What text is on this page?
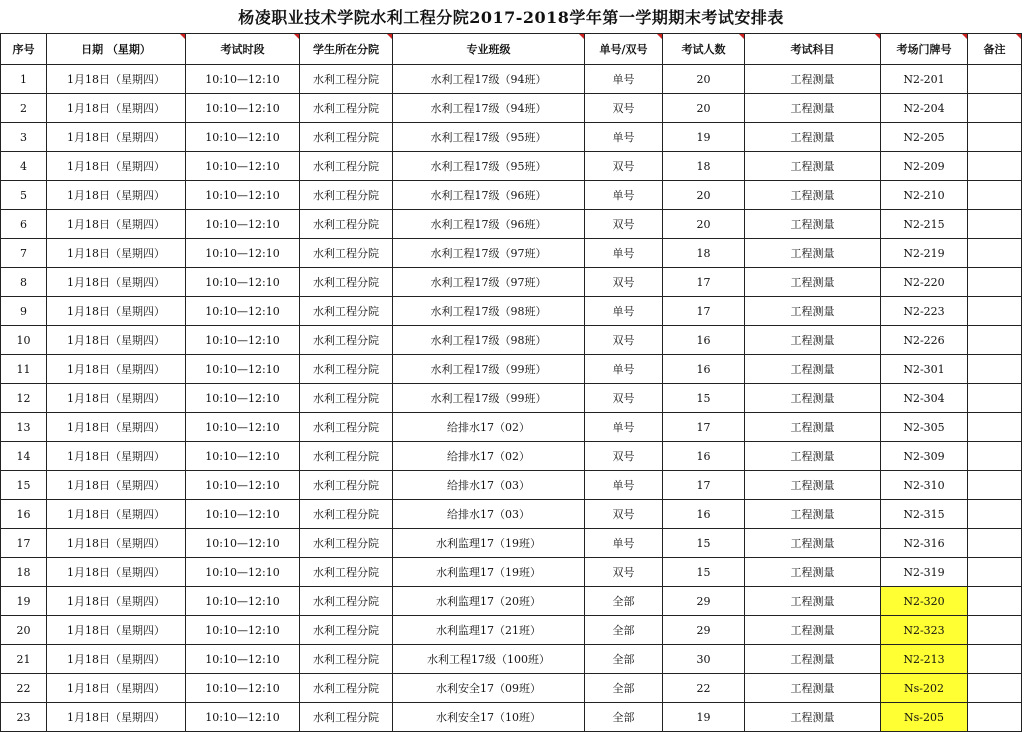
杨凌职业技术学院水利工程分院2017-2018学年第一学期期末考试安排表									
序号	日期 （星期）	考试时段	学生所在分院	专业班级	单号/双号	考试人数	考试科目	考场门牌号	备注
1	1月18日（星期四）	10:10—12:10	水利工程分院	水利工程17级（94班）	单号	20	工程测量	N2-201	
2	1月18日（星期四）	10:10—12:10	水利工程分院	水利工程17级（94班）	双号	20	工程测量	N2-204	
3	1月18日（星期四）	10:10—12:10	水利工程分院	水利工程17级（95班）	单号	19	工程测量	N2-205	
4	1月18日（星期四）	10:10—12:10	水利工程分院	水利工程17级（95班）	双号	18	工程测量	N2-209	
5	1月18日（星期四）	10:10—12:10	水利工程分院	水利工程17级（96班）	单号	20	工程测量	N2-210	
6	1月18日（星期四）	10:10—12:10	水利工程分院	水利工程17级（96班）	双号	20	工程测量	N2-215	
7	1月18日（星期四）	10:10—12:10	水利工程分院	水利工程17级（97班）	单号	18	工程测量	N2-219	
8	1月18日（星期四）	10:10—12:10	水利工程分院	水利工程17级（97班）	双号	17	工程测量	N2-220	
9	1月18日（星期四）	10:10—12:10	水利工程分院	水利工程17级（98班）	单号	17	工程测量	N2-223	
10	1月18日（星期四）	10:10—12:10	水利工程分院	水利工程17级（98班）	双号	16	工程测量	N2-226	
11	1月18日（星期四）	10:10—12:10	水利工程分院	水利工程17级（99班）	单号	16	工程测量	N2-301	
12	1月18日（星期四）	10:10—12:10	水利工程分院	水利工程17级（99班）	双号	15	工程测量	N2-304	
13	1月18日（星期四）	10:10—12:10	水利工程分院	给排水17（02）	单号	17	工程测量	N2-305	
14	1月18日（星期四）	10:10—12:10	水利工程分院	给排水17（02）	双号	16	工程测量	N2-309	
15	1月18日（星期四）	10:10—12:10	水利工程分院	给排水17（03）	单号	17	工程测量	N2-310	
16	1月18日（星期四）	10:10—12:10	水利工程分院	给排水17（03）	双号	16	工程测量	N2-315	
17	1月18日（星期四）	10:10—12:10	水利工程分院	水利监理17（19班）	单号	15	工程测量	N2-316	
18	1月18日（星期四）	10:10—12:10	水利工程分院	水利监理17（19班）	双号	15	工程测量	N2-319	
19	1月18日（星期四）	10:10—12:10	水利工程分院	水利监理17（20班）	全部	29	工程测量	N2-320	
20	1月18日（星期四）	10:10—12:10	水利工程分院	水利监理17（21班）	全部	29	工程测量	N2-323	
21	1月18日（星期四）	10:10—12:10	水利工程分院	水利工程17级（100班）	全部	30	工程测量	N2-213	
22	1月18日（星期四）	10:10—12:10	水利工程分院	水利安全17（09班）	全部	22	工程测量	Ns-202	
23	1月18日（星期四）	10:10—12:10	水利工程分院	水利安全17（10班）	全部	19	工程测量	Ns-205	
